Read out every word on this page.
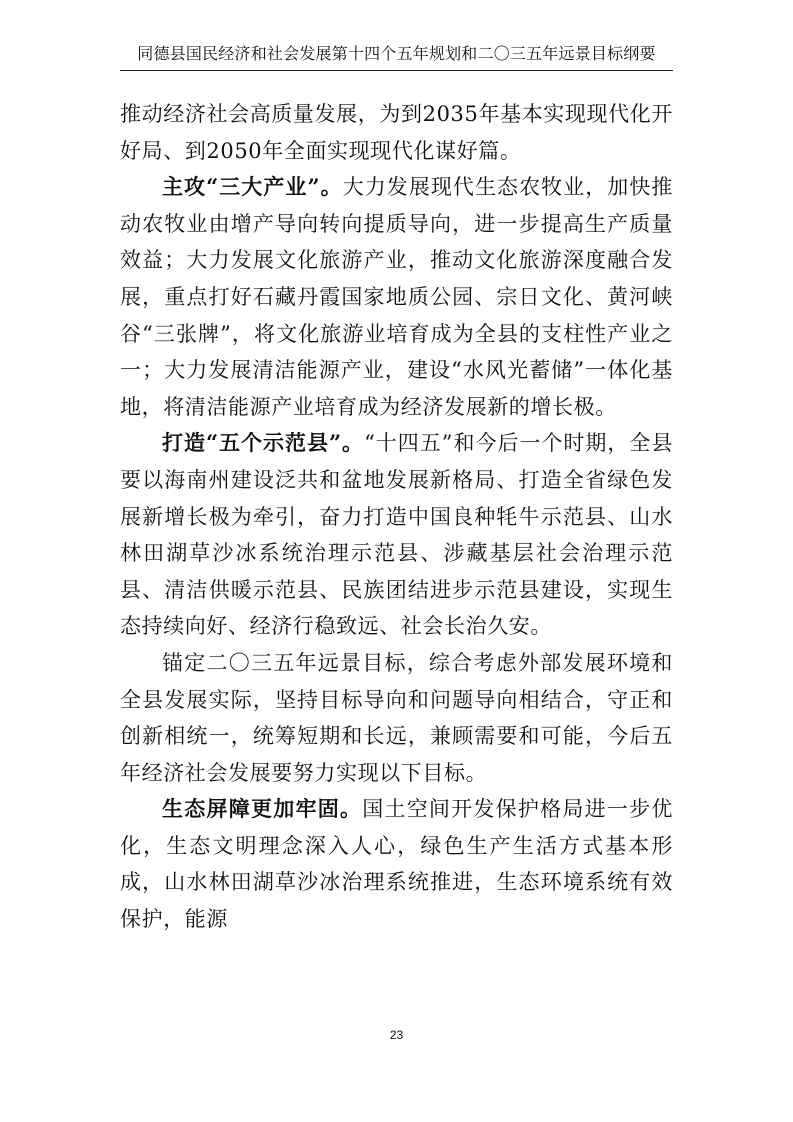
同德县国民经济和社会发展第十四个五年规划和二〇三五年远景目标纲要

推动经济社会高质量发展，为到2035年基本实现现代化开好局、到2050年全面实现现代化谋好篇。

主攻“三大产业”。大力发展现代生态农牧业，加快推动农牧业由增产导向转向提质导向，进一步提高生产质量效益；大力发展文化旅游产业，推动文化旅游深度融合发展，重点打好石藏丹霞国家地质公园、宗日文化、黄河峡谷“三张牌”，将文化旅游业培育成为全县的支柱性产业之一；大力发展清洁能源产业，建设“水风光蓄储”一体化基地，将清洁能源产业培育成为经济发展新的增长极。

打造“五个示范县”。“十四五”和今后一个时期，全县要以海南州建设泛共和盆地发展新格局、打造全省绿色发展新增长极为牵引，奋力打造中国良种牦牛示范县、山水林田湖草沙冰系统治理示范县、涉藏基层社会治理示范县、清洁供暖示范县、民族团结进步示范县建设，实现生态持续向好、经济行稳致远、社会长治久安。

锚定二〇三五年远景目标，综合考虑外部发展环境和全县发展实际，坚持目标导向和问题导向相结合，守正和创新相统一，统筹短期和长远，兼顾需要和可能，今后五年经济社会发展要努力实现以下目标。

生态屏障更加牢固。国土空间开发保护格局进一步优化，生态文明理念深入人心，绿色生产生活方式基本形成，山水林田湖草沙冰治理系统推进，生态环境系统有效保护，能源

23
